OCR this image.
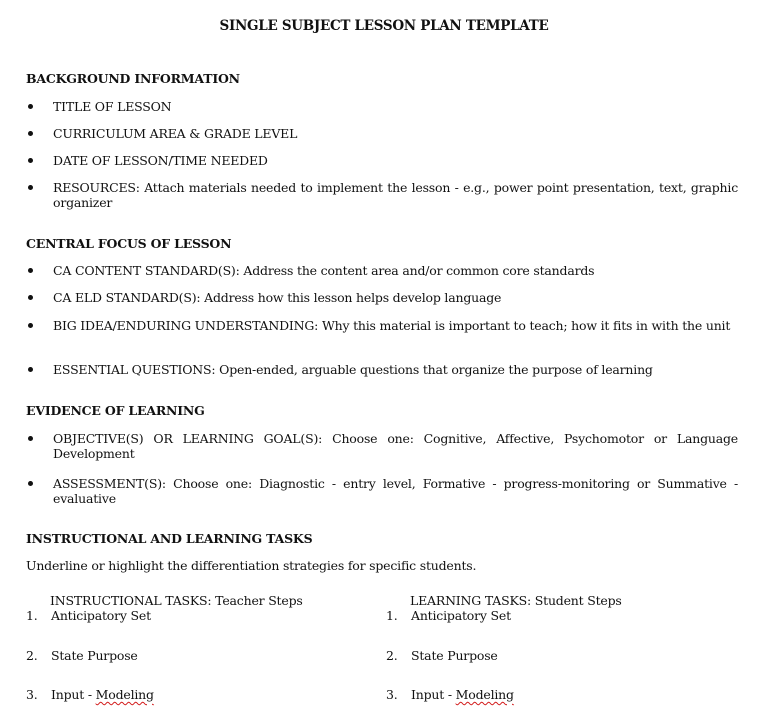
SINGLE SUBJECT LESSON PLAN TEMPLATE
BACKGROUND INFORMATION
TITLE OF LESSON
CURRICULUM AREA & GRADE LEVEL
DATE OF LESSON/TIME NEEDED
RESOURCES: Attach materials needed to implement the lesson - e.g., power point presentation, text, graphic organizer
CENTRAL FOCUS OF LESSON
CA CONTENT STANDARD(S): Address the content area and/or common core standards
CA ELD STANDARD(S): Address how this lesson helps develop language
BIG IDEA/ENDURING UNDERSTANDING: Why this material is important to teach; how it fits in with the unit
ESSENTIAL QUESTIONS: Open-ended, arguable questions that organize the purpose of learning
EVIDENCE OF LEARNING
OBJECTIVE(S) OR LEARNING GOAL(S): Choose one: Cognitive, Affective, Psychomotor or Language Development
ASSESSMENT(S): Choose one: Diagnostic - entry level, Formative - progress-monitoring or Summative - evaluative
INSTRUCTIONAL AND LEARNING TASKS
Underline or highlight the differentiation strategies for specific students.
INSTRUCTIONAL TASKS: Teacher Steps
1. Anticipatory Set
2. State Purpose
3. Input - Modeling
LEARNING TASKS: Student Steps
1. Anticipatory Set
2. State Purpose
3. Input - Modeling
